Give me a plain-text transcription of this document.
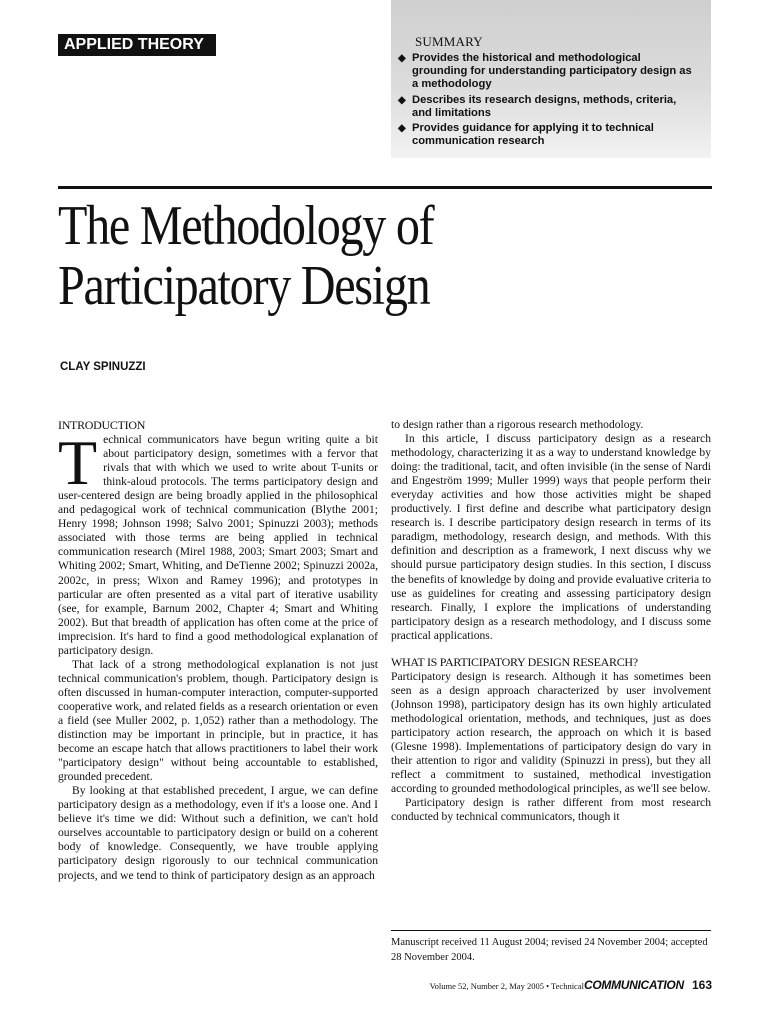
APPLIED THEORY	SUMMARY
◆ Provides the historical and methodological grounding for understanding participatory design as a methodology
◆ Describes its research designs, methods, criteria, and limitations
◆ Provides guidance for applying it to technical communication research
The Methodology of
Participatory Design
CLAY SPINUZZI
INTRODUCTION

Technical communicators have begun writing quite a bit about participatory design, sometimes with a fervor that rivals that with which we used to write about T-units or think-aloud protocols. The terms participatory design and user-centered design are being broadly applied in the philosophical and pedagogical work of technical communication (Blythe 2001; Henry 1998; Johnson 1998; Salvo 2001; Spinuzzi 2003); methods associated with those terms are being applied in technical communication research (Mirel 1988, 2003; Smart 2003; Smart and Whiting 2002; Smart, Whiting, and DeTienne 2002; Spinuzzi 2002a, 2002c, in press; Wixon and Ramey 1996); and prototypes in particular are often presented as a vital part of iterative usability (see, for example, Barnum 2002, Chapter 4; Smart and Whiting 2002). But that breadth of application has often come at the price of imprecision. It's hard to find a good methodological explanation of participatory design.

That lack of a strong methodological explanation is not just technical communication's problem, though. Participatory design is often discussed in human-computer interaction, computer-supported cooperative work, and related fields as a research orientation or even a field (see Muller 2002, p. 1,052) rather than a methodology. The distinction may be important in principle, but in practice, it has become an escape hatch that allows practitioners to label their work "participatory design" without being accountable to established, grounded precedent.

By looking at that established precedent, I argue, we can define participatory design as a methodology, even if it's a loose one. And I believe it's time we did: Without such a definition, we can't hold ourselves accountable to participatory design or build on a coherent body of knowledge. Consequently, we have trouble applying participatory design rigorously to our technical communication projects, and we tend to think of participatory design as an approach

to design rather than a rigorous research methodology.

In this article, I discuss participatory design as a research methodology, characterizing it as a way to understand knowledge by doing: the traditional, tacit, and often invisible (in the sense of Nardi and Engeström 1999; Muller 1999) ways that people perform their everyday activities and how those activities might be shaped productively. I first define and describe what participatory design research is. I describe participatory design research in terms of its paradigm, methodology, research design, and methods. With this definition and description as a framework, I next discuss why we should pursue participatory design studies. In this section, I discuss the benefits of knowledge by doing and provide evaluative criteria to use as guidelines for creating and assessing participatory design research. Finally, I explore the implications of understanding participatory design as a research methodology, and I discuss some practical applications.

WHAT IS PARTICIPATORY DESIGN RESEARCH?

Participatory design is research. Although it has sometimes been seen as a design approach characterized by user involvement (Johnson 1998), participatory design has its own highly articulated methodological orientation, methods, and techniques, just as does participatory action research, the approach on which it is based (Glesne 1998). Implementations of participatory design do vary in their attention to rigor and validity (Spinuzzi in press), but they all reflect a commitment to sustained, methodical investigation according to grounded methodological principles, as we'll see below.

Participatory design is rather different from most research conducted by technical communicators, though it

Manuscript received 11 August 2004; revised 24 November 2004; accepted 28 November 2004.
Volume 52, Number 2, May 2005 • TechnicalCOMMUNICATION 163
